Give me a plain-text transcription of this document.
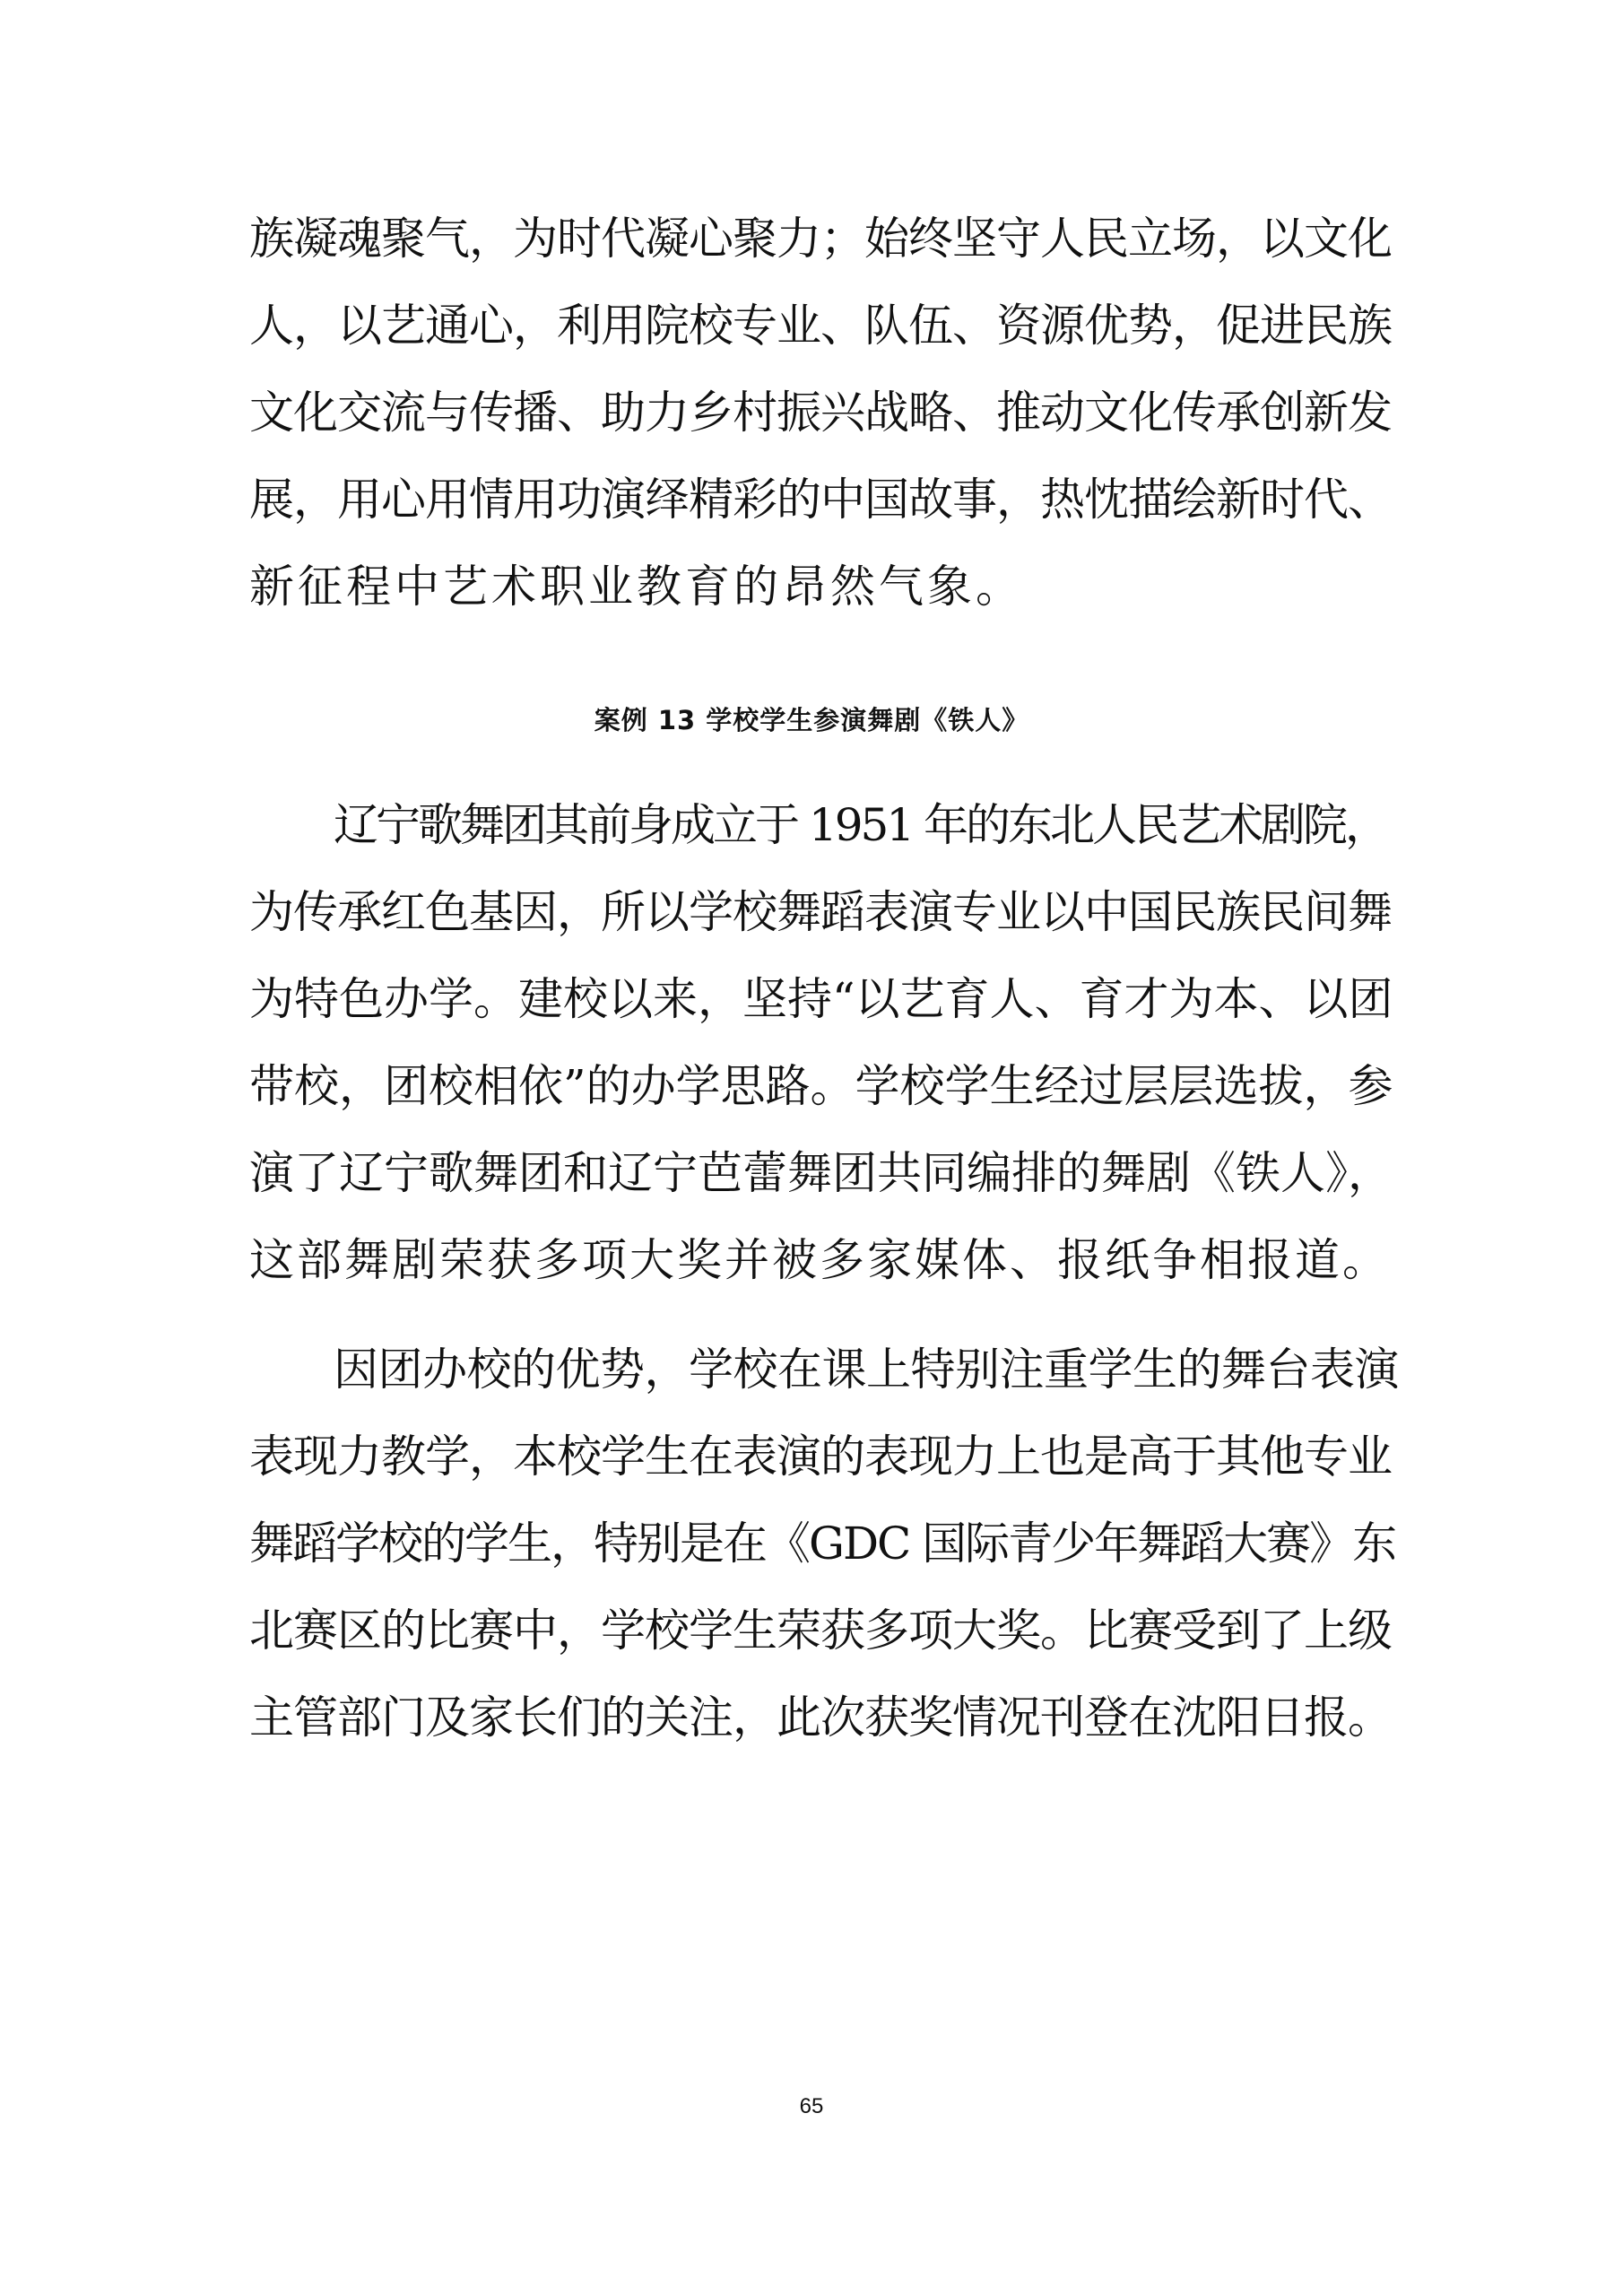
族凝魂聚气，为时代凝心聚力；始终坚守人民立场，以文化

人，以艺通心，利用院校专业、队伍、资源优势，促进民族

文化交流与传播、助力乡村振兴战略、推动文化传承创新发

展，用心用情用功演绎精彩的中国故事，热忱描绘新时代、

新征程中艺术职业教育的昂然气象。

案例 13 学校学生参演舞剧《铁人》

辽宁歌舞团其前身成立于 1951 年的东北人民艺术剧院，

为传承红色基因，所以学校舞蹈表演专业以中国民族民间舞

为特色办学。建校以来，坚持“以艺育人、育才为本、以团

带校，团校相依”的办学思路。学校学生经过层层选拔，参

演了辽宁歌舞团和辽宁芭蕾舞团共同编排的舞剧《铁人》，

这部舞剧荣获多项大奖并被多家媒体、报纸争相报道。

因团办校的优势，学校在课上特别注重学生的舞台表演

表现力教学，本校学生在表演的表现力上也是高于其他专业

舞蹈学校的学生，特别是在《GDC 国际青少年舞蹈大赛》东

北赛区的比赛中，学校学生荣获多项大奖。比赛受到了上级

主管部门及家长们的关注，此次获奖情况刊登在沈阳日报。

65
